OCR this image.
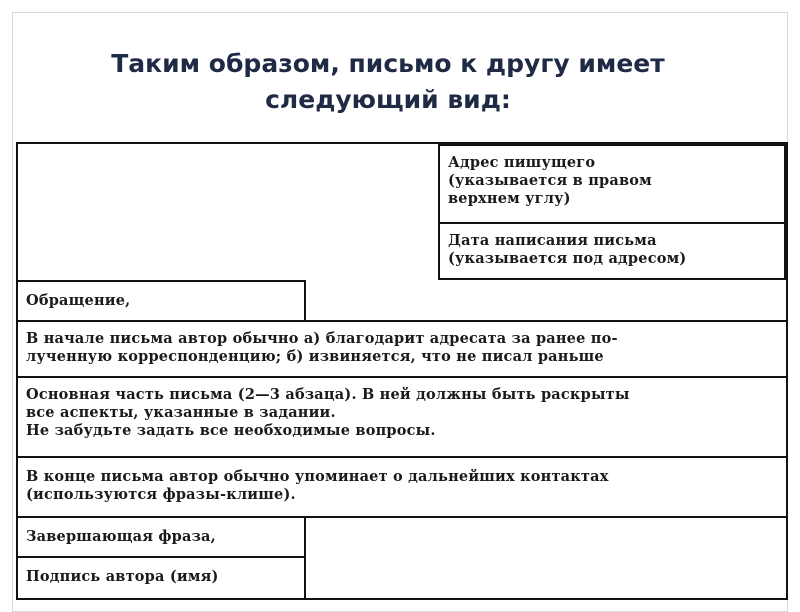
Таким образом, письмо к другу имеет
следующий вид:
Адрес пишущего
(указывается в правом
верхнем углу)
Дата написания письма
(указывается под адресом)
Обращение,
В начале письма автор обычно а) благодарит адресата за ранее по-
лученную корреспонденцию; б) извиняется, что не писал раньше
Основная часть письма (2—3 абзаца). В ней должны быть раскрыты
все аспекты, указанные в задании.
Не забудьте задать все необходимые вопросы.
В конце письма автор обычно упоминает о дальнейших контактах
(используются фразы-клише).
Завершающая фраза,
Подпись автора (имя)
